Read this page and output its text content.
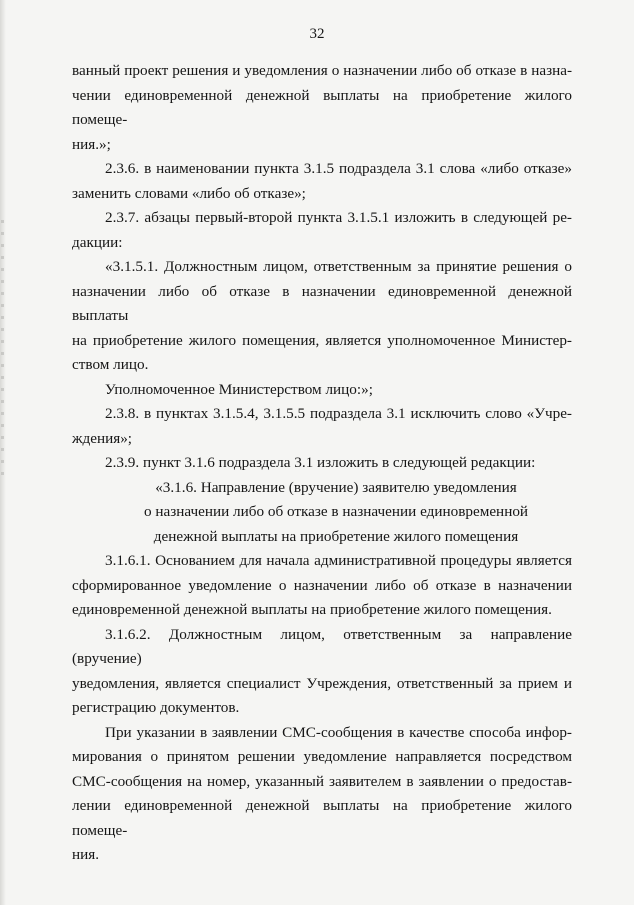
32

ванный проект решения и уведомления о назначении либо об отказе в назна-
чении единовременной денежной выплаты на приобретение жилого помеще-
ния.»;

2.3.6. в наименовании пункта 3.1.5 подраздела 3.1 слова «либо отказе»
заменить словами «либо об отказе»;

2.3.7. абзацы первый-второй пункта 3.1.5.1 изложить в следующей ре-
дакции:

«3.1.5.1. Должностным лицом, ответственным за принятие решения о
назначении либо об отказе в назначении единовременной денежной выплаты
на приобретение жилого помещения, является уполномоченное Министер-
ством лицо.

Уполномоченное Министерством лицо:»;

2.3.8. в пунктах 3.1.5.4, 3.1.5.5 подраздела 3.1 исключить слово «Учре-
ждения»;

2.3.9. пункт 3.1.6 подраздела 3.1 изложить в следующей редакции:

«3.1.6. Направление (вручение) заявителю уведомления
о назначении либо об отказе в назначении единовременной
денежной выплаты на приобретение жилого помещения

3.1.6.1. Основанием для начала административной процедуры является
сформированное уведомление о назначении либо об отказе в назначении
единовременной денежной выплаты на приобретение жилого помещения.

3.1.6.2. Должностным лицом, ответственным за направление (вручение)
уведомления, является специалист Учреждения, ответственный за прием и
регистрацию документов.

При указании в заявлении СМС-сообщения в качестве способа инфор-
мирования о принятом решении уведомление направляется посредством
СМС-сообщения на номер, указанный заявителем в заявлении о предостав-
лении единовременной денежной выплаты на приобретение жилого помеще-
ния.
